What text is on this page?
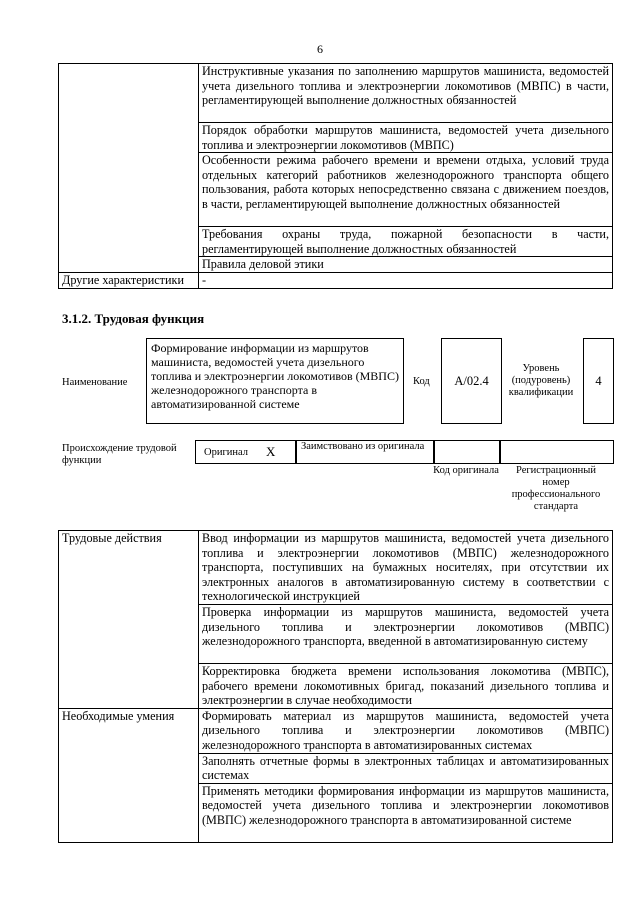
6
	Инструктивные указания по заполнению маршрутов машиниста, ведомостей учета дизельного топлива и электроэнергии локомотивов (МВПС) в части, регламентирующей выполнение должностных обязанностей
	Порядок обработки маршрутов машиниста, ведомостей учета дизельного топлива и электроэнергии локомотивов (МВПС)
	Особенности режима рабочего времени и времени отдыха, условий труда отдельных категорий работников железнодорожного транспорта общего пользования, работа которых непосредственно связана с движением поездов, в части, регламентирующей выполнение должностных обязанностей
	Требования охраны труда, пожарной безопасности в части, регламентирующей выполнение должностных обязанностей
	Правила деловой этики
Другие характеристики	-
3.1.2. Трудовая функция
Наименование
Формирование информации из маршрутов машиниста, ведомостей учета дизельного топлива и электроэнергии локомотивов (МВПС) железнодорожного транспорта в автоматизированной системе
Код	А/02.4
Уровень (подуровень) квалификации
4
Происхождение трудовой функции
Оригинал X Заимствовано из оригинала
Код оригинала	Регистрационный номер профессионального стандарта
Трудовые действия	Ввод информации из маршрутов машиниста, ведомостей учета дизельного топлива и электроэнергии локомотивов (МВПС) железнодорожного транспорта, поступивших на бумажных носителях, при отсутствии их электронных аналогов в автоматизированную систему в соответствии с технологической инструкцией
	Проверка информации из маршрутов машиниста, ведомостей учета дизельного топлива и электроэнергии локомотивов (МВПС) железнодорожного транспорта, введенной в автоматизированную систему
	Корректировка бюджета времени использования локомотива (МВПС), рабочего времени локомотивных бригад, показаний дизельного топлива и электроэнергии в случае необходимости
Необходимые умения	Формировать материал из маршрутов машиниста, ведомостей учета дизельного топлива и электроэнергии локомотивов (МВПС) железнодорожного транспорта в автоматизированных системах
	Заполнять отчетные формы в электронных таблицах и автоматизированных системах
	Применять методики формирования информации из маршрутов машиниста, ведомостей учета дизельного топлива и электроэнергии локомотивов (МВПС) железнодорожного транспорта в автоматизированной системе
